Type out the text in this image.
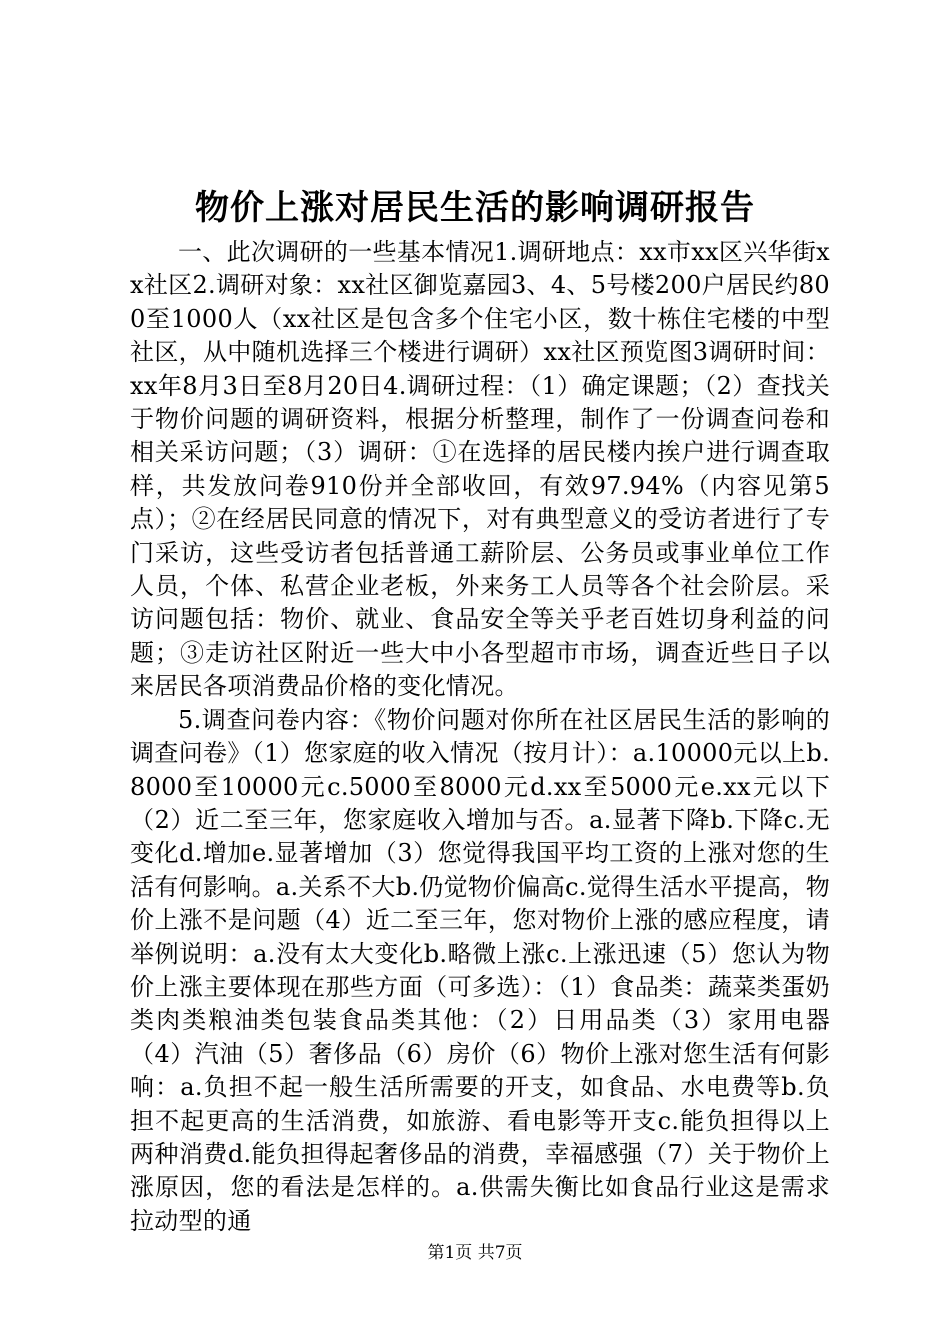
物价上涨对居民生活的影响调研报告

一、此次调研的一些基本情况1.调研地点：xx市xx区兴华街xx社区2.调研对象：xx社区御览嘉园3、4、5号楼200户居民约800至1000人（xx社区是包含多个住宅小区，数十栋住宅楼的中型社区，从中随机选择三个楼进行调研）xx社区预览图3调研时间：xx年8月3日至8月20日4.调研过程：（1）确定课题；（2）查找关于物价问题的调研资料，根据分析整理，制作了一份调查问卷和相关采访问题；（3）调研：①在选择的居民楼内挨户进行调查取样，共发放问卷910份并全部收回，有效97.94%（内容见第5点）；②在经居民同意的情况下，对有典型意义的受访者进行了专门采访，这些受访者包括普通工薪阶层、公务员或事业单位工作人员，个体、私营企业老板，外来务工人员等各个社会阶层。采访问题包括：物价、就业、食品安全等关乎老百姓切身利益的问题；③走访社区附近一些大中小各型超市市场，调查近些日子以来居民各项消费品价格的变化情况。

5.调查问卷内容：《物价问题对你所在社区居民生活的影响的调查问卷》（1）您家庭的收入情况（按月计）：a.10000元以上b.8000至10000元c.5000至8000元d.xx至5000元e.xx元以下（2）近二至三年，您家庭收入增加与否。a.显著下降b.下降c.无变化d.增加e.显著增加（3）您觉得我国平均工资的上涨对您的生活有何影响。a.关系不大b.仍觉物价偏高c.觉得生活水平提高，物价上涨不是问题（4）近二至三年，您对物价上涨的感应程度，请举例说明：a.没有太大变化b.略微上涨c.上涨迅速（5）您认为物价上涨主要体现在那些方面（可多选）：（1）食品类：蔬菜类蛋奶类肉类粮油类包装食品类其他：（2）日用品类（3）家用电器（4）汽油（5）奢侈品（6）房价（6）物价上涨对您生活有何影响：a.负担不起一般生活所需要的开支，如食品、水电费等b.负担不起更高的生活消费，如旅游、看电影等开支c.能负担得以上两种消费d.能负担得起奢侈品的消费，幸福感强（7）关于物价上涨原因，您的看法是怎样的。a.供需失衡比如食品行业这是需求拉动型的通

第1页 共7页
